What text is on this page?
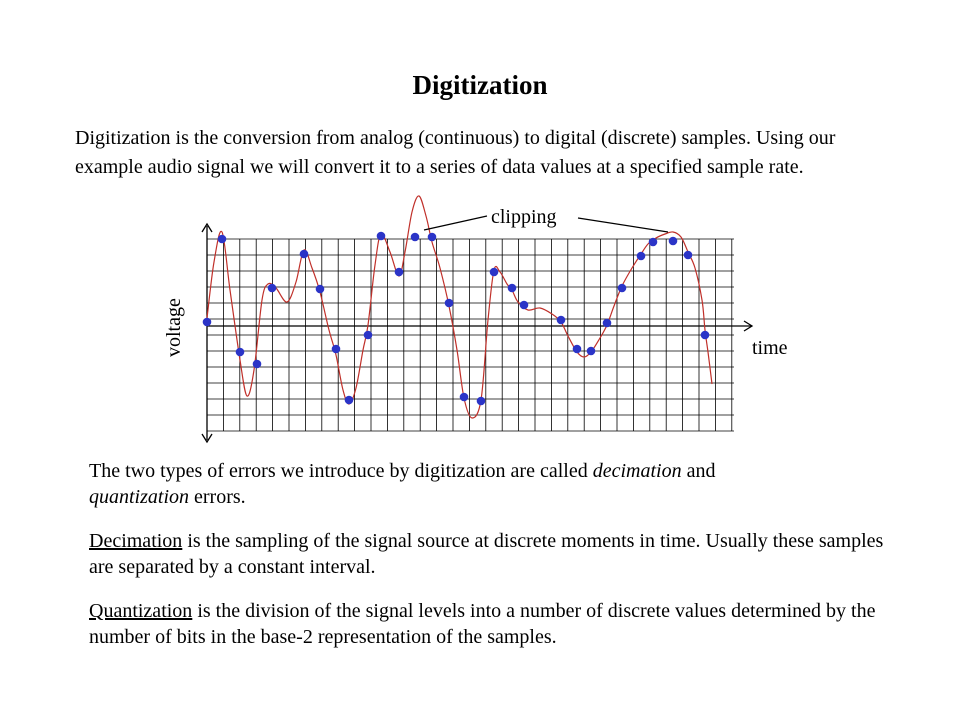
Digitization
Digitization is the conversion from analog (continuous) to digital (discrete) samples. Using our example audio signal we will convert it to a series of data values at a specified sample rate.
clipping
voltage	time

The two types of errors we introduce by digitization are called decimation and
quantization errors.

Decimation is the sampling of the signal source at discrete moments in time. Usually these samples are separated by a constant interval.

Quantization is the division of the signal levels into a number of discrete values determined by the number of bits in the base-2 representation of the samples.
